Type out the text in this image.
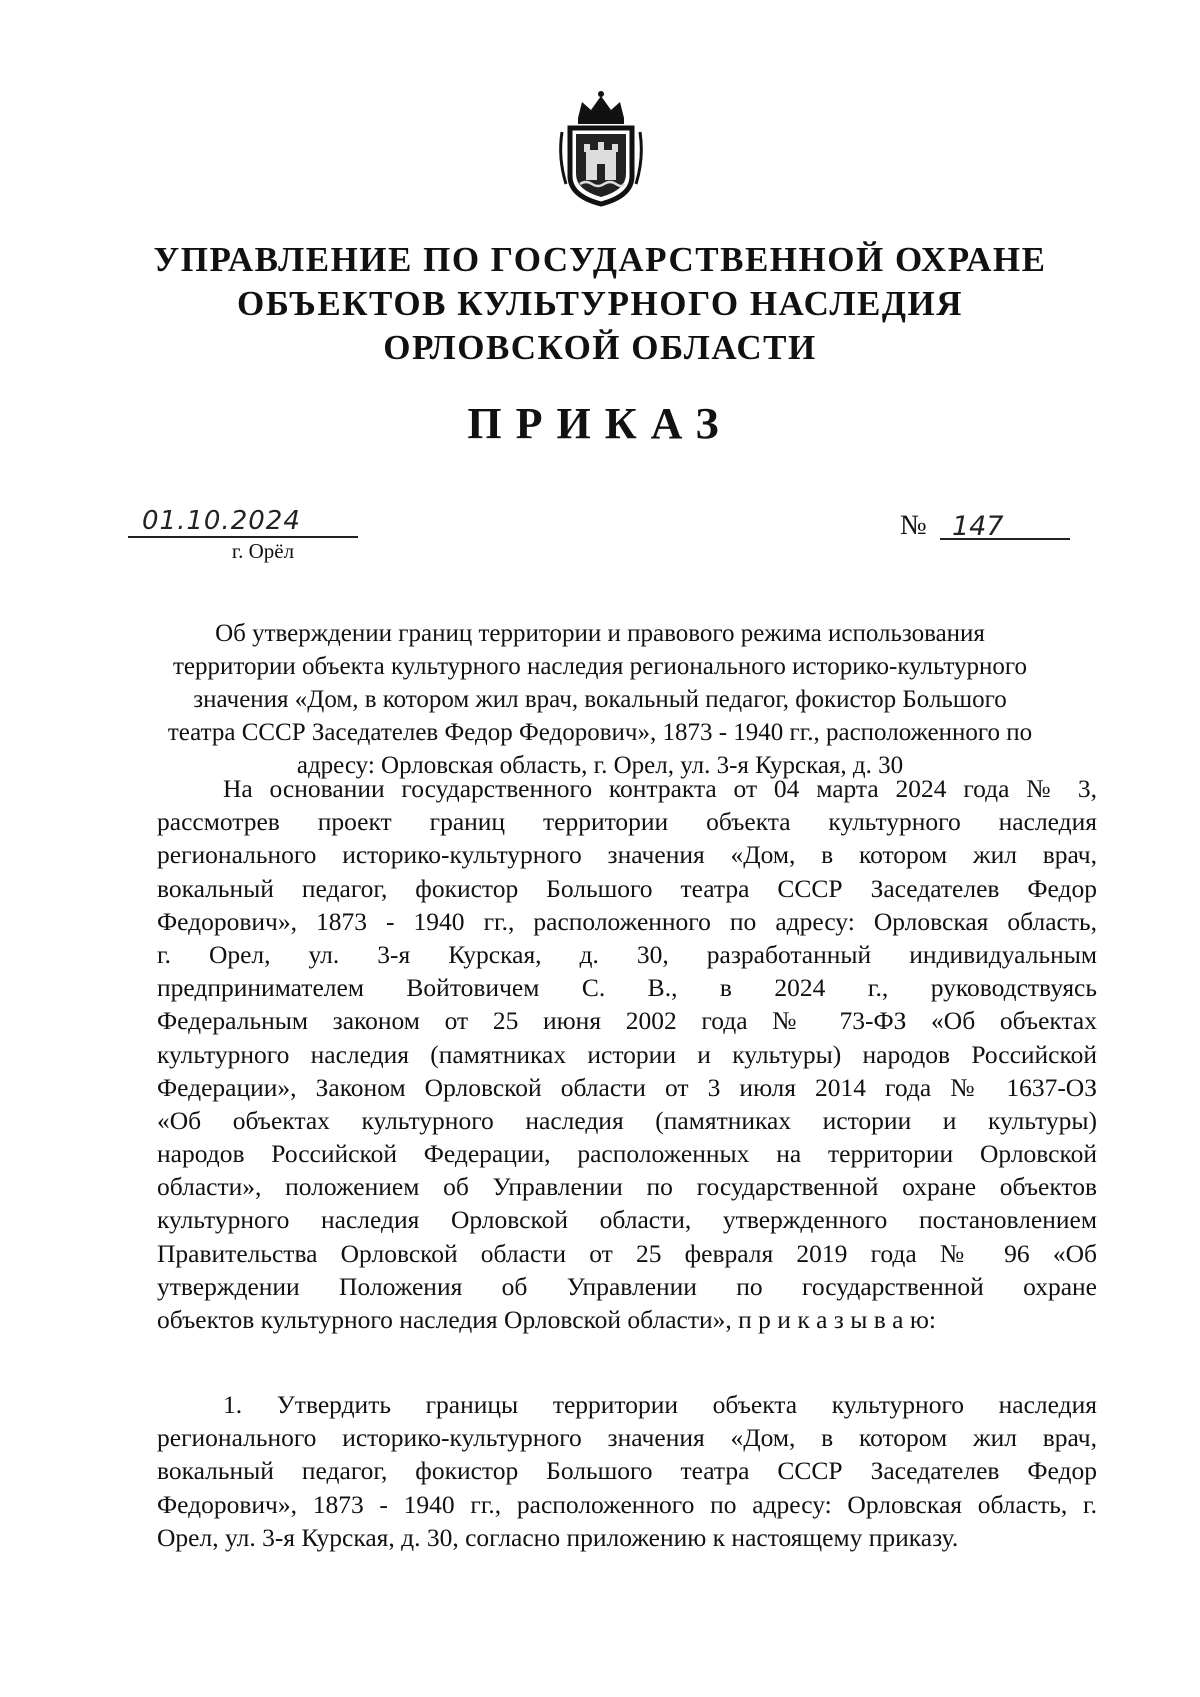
УПРАВЛЕНИЕ ПО ГОСУДАРСТВЕННОЙ ОХРАНЕ
ОБЪЕКТОВ КУЛЬТУРНОГО НАСЛЕДИЯ
ОРЛОВСКОЙ ОБЛАСТИ
ПРИКАЗ
01.10.2024
г. Орёл
№ 147
Об утверждении границ территории и правового режима использования
территории объекта культурного наследия регионального историко-культурного
значения «Дом, в котором жил врач, вокальный педагог, фокистор Большого
театра СССР Заседателев Федор Федорович», 1873 - 1940 гг., расположенного по
адресу: Орловская область, г. Орел, ул. 3-я Курская, д. 30
На основании государственного контракта от 04 марта 2024 года № 3,
рассмотрев проект границ территории объекта культурного наследия
регионального историко-культурного значения «Дом, в котором жил врач,
вокальный педагог, фокистор Большого театра СССР Заседателев Федор
Федорович», 1873 - 1940 гг., расположенного по адресу: Орловская область,
г. Орел, ул. 3-я Курская, д. 30, разработанный индивидуальным
предпринимателем Войтовичем С. В., в 2024 г., руководствуясь
Федеральным законом от 25 июня 2002 года № 73-ФЗ «Об объектах
культурного наследия (памятниках истории и культуры) народов Российской
Федерации», Законом Орловской области от 3 июля 2014 года № 1637-ОЗ
«Об объектах культурного наследия (памятниках истории и культуры)
народов Российской Федерации, расположенных на территории Орловской
области», положением об Управлении по государственной охране объектов
культурного наследия Орловской области, утвержденного постановлением
Правительства Орловской области от 25 февраля 2019 года № 96 «Об
утверждении Положения об Управлении по государственной охране
объектов культурного наследия Орловской области», п р и к а з ы в а ю:
1. Утвердить границы территории объекта культурного наследия
регионального историко-культурного значения «Дом, в котором жил врач,
вокальный педагог, фокистор Большого театра СССР Заседателев Федор
Федорович», 1873 - 1940 гг., расположенного по адресу: Орловская область, г.
Орел, ул. 3-я Курская, д. 30, согласно приложению к настоящему приказу.
